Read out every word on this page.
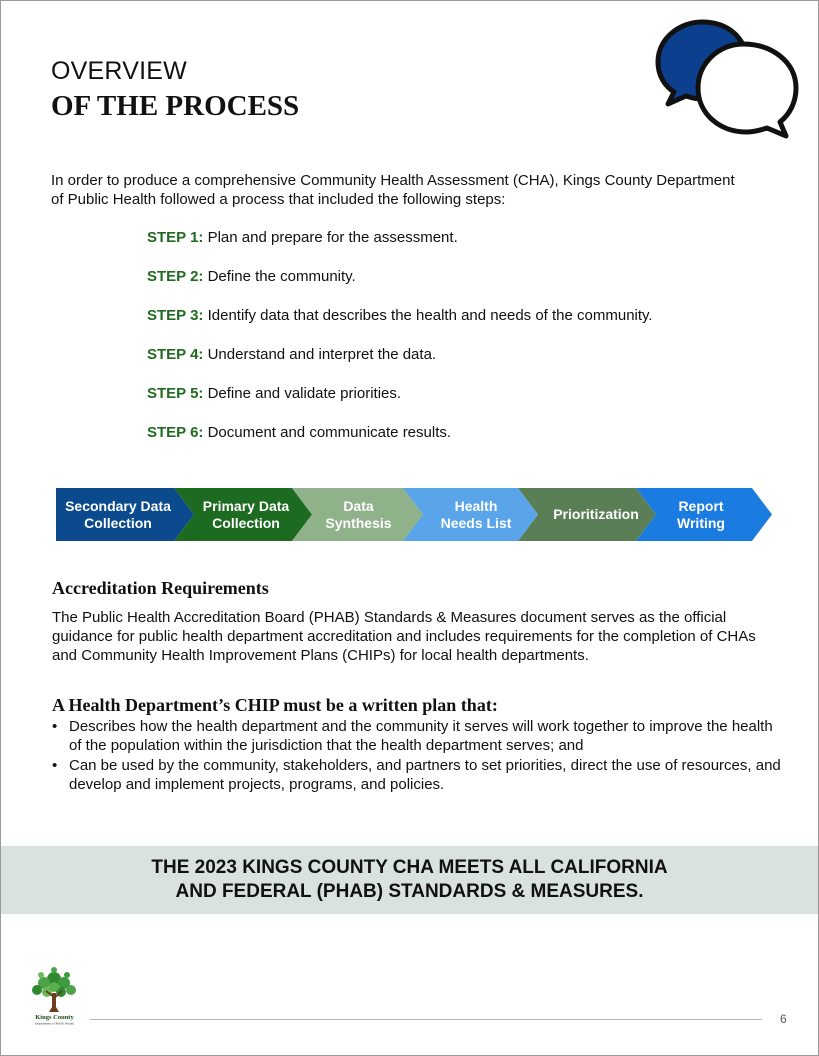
OVERVIEW
OF THE PROCESS
In order to produce a comprehensive Community Health Assessment (CHA), Kings County Department of Public Health followed a process that included the following steps:
STEP 1: Plan and prepare for the assessment.
STEP 2: Define the community.
STEP 3: Identify data that describes the health and needs of the community.
STEP 4: Understand and interpret the data.
STEP 5: Define and validate priorities.
STEP 6: Document and communicate results.
Secondary Data
Collection
Primary Data
Collection
Data
Synthesis
Health
Needs List
Prioritization
Report
Writing
Accreditation Requirements
The Public Health Accreditation Board (PHAB) Standards & Measures document serves as the official guidance for public health department accreditation and includes requirements for the completion of CHAs and Community Health Improvement Plans (CHIPs) for local health departments.
A Health Department’s CHIP must be a written plan that:
• Describes how the health department and the community it serves will work together to improve the health of the population within the jurisdiction that the health department serves; and
• Can be used by the community, stakeholders, and partners to set priorities, direct the use of resources, and develop and implement projects, programs, and policies.
THE 2023 KINGS COUNTY CHA MEETS ALL CALIFORNIA
AND FEDERAL (PHAB) STANDARDS & MEASURES.
Kings County
Department of Public Health	6
